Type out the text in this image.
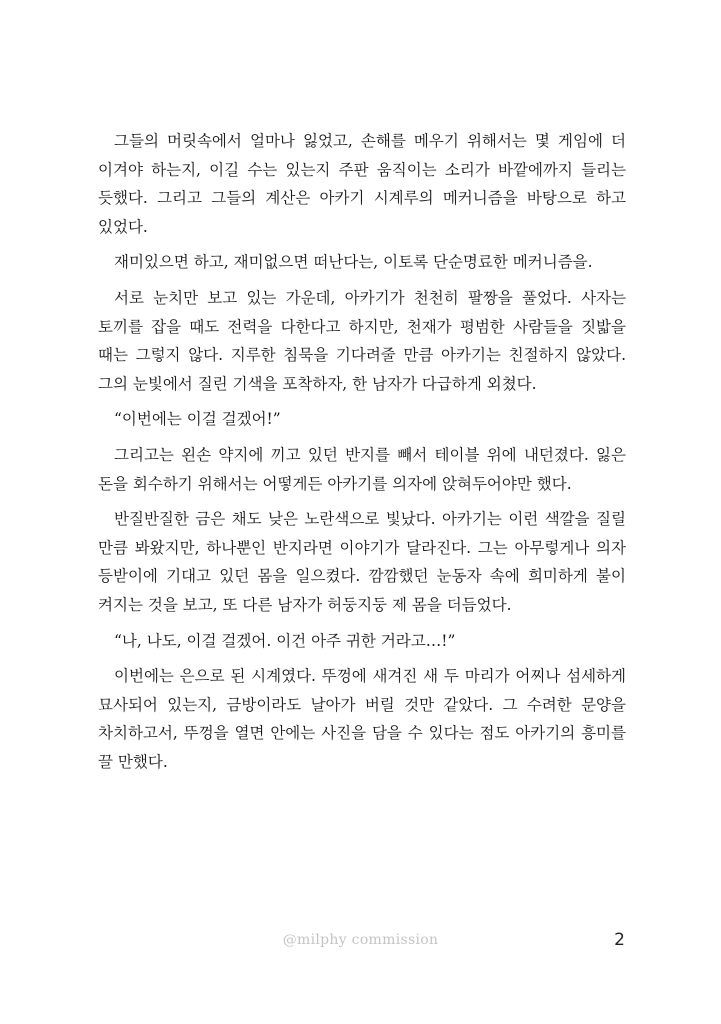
그들의 머릿속에서 얼마나 잃었고, 손해를 메우기 위해서는 몇 게임에 더 이겨야 하는지, 이길 수는 있는지 주판 움직이는 소리가 바깥에까지 들리는 듯했다. 그리고 그들의 계산은 아카기 시계루의 메커니즘을 바탕으로 하고 있었다.

재미있으면 하고, 재미없으면 떠난다는, 이토록 단순명료한 메커니즘을.

서로 눈치만 보고 있는 가운데, 아카기가 천천히 팔짱을 풀었다. 사자는 토끼를 잡을 때도 전력을 다한다고 하지만, 천재가 평범한 사람들을 짓밟을 때는 그렇지 않다. 지루한 침묵을 기다려줄 만큼 아카기는 친절하지 않았다. 그의 눈빛에서 질린 기색을 포착하자, 한 남자가 다급하게 외쳤다.

“이번에는 이걸 걸겠어!”

그리고는 왼손 약지에 끼고 있던 반지를 빼서 테이블 위에 내던졌다. 잃은 돈을 회수하기 위해서는 어떻게든 아카기를 의자에 앉혀두어야만 했다.

반질반질한 금은 채도 낮은 노란색으로 빛났다. 아카기는 이런 색깔을 질릴 만큼 봐왔지만, 하나뿐인 반지라면 이야기가 달라진다. 그는 아무렇게나 의자 등받이에 기대고 있던 몸을 일으켰다. 깜깜했던 눈동자 속에 희미하게 불이 켜지는 것을 보고, 또 다른 남자가 허둥지둥 제 몸을 더듬었다.

“나, 나도, 이걸 걸겠어. 이건 아주 귀한 거라고…!”

이번에는 은으로 된 시계였다. 뚜껑에 새겨진 새 두 마리가 어찌나 섬세하게 묘사되어 있는지, 금방이라도 날아가 버릴 것만 같았다. 그 수려한 문양을 차치하고서, 뚜껑을 열면 안에는 사진을 담을 수 있다는 점도 아카기의 흥미를 끌 만했다.

@milphy commission	2
